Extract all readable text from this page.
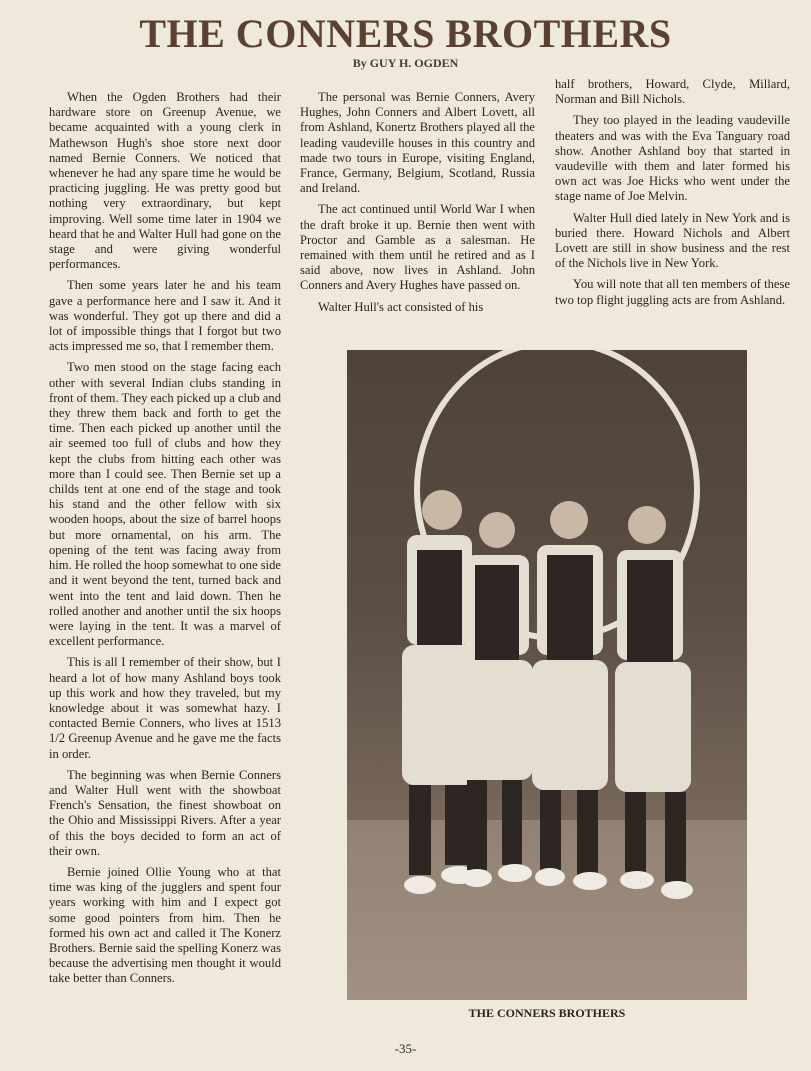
THE CONNERS BROTHERS
By GUY H. OGDEN

When the Ogden Brothers had their hardware store on Greenup Avenue, we became acquainted with a young clerk in Mathewson Hugh's shoe store next door named Bernie Conners. We noticed that whenever he had any spare time he would be practicing juggling. He was pretty good but nothing very extraordinary, but kept improving. Well some time later in 1904 we heard that he and Walter Hull had gone on the stage and were giving wonderful performances.

Then some years later he and his team gave a performance here and I saw it. And it was wonderful. They got up there and did a lot of impossible things that I forgot but two acts impressed me so, that I remember them.

Two men stood on the stage facing each other with several Indian clubs standing in front of them. They each picked up a club and they threw them back and forth to get the time. Then each picked up another until the air seemed too full of clubs and how they kept the clubs from hitting each other was more than I could see. Then Bernie set up a childs tent at one end of the stage and took his stand and the other fellow with six wooden hoops, about the size of barrel hoops but more ornamental, on his arm. The opening of the tent was facing away from him. He rolled the hoop somewhat to one side and it went beyond the tent, turned back and went into the tent and laid down. Then he rolled another and another until the six hoops were laying in the tent. It was a marvel of excellent performance.

This is all I remember of their show, but I heard a lot of how many Ashland boys took up this work and how they traveled, but my knowledge about it was somewhat hazy. I contacted Bernie Conners, who lives at 1513 1/2 Greenup Avenue and he gave me the facts in order.

The beginning was when Bernie Conners and Walter Hull went with the showboat French's Sensation, the finest showboat on the Ohio and Mississippi Rivers. After a year of this the boys decided to form an act of their own.

Bernie joined Ollie Young who at that time was king of the jugglers and spent four years working with him and I expect got some good pointers from him. Then he formed his own act and called it The Konerz Brothers. Bernie said the spelling Konerz was because the advertising men thought it would take better than Conners.

The personal was Bernie Conners, Avery Hughes, John Conners and Albert Lovett, all from Ashland, Konertz Brothers played all the leading vaudeville houses in this country and made two tours in Europe, visiting England, France, Germany, Belgium, Scotland, Russia and Ireland.

The act continued until World War I when the draft broke it up. Bernie then went with Proctor and Gamble as a salesman. He remained with them until he retired and as I said above, now lives in Ashland. John Conners and Avery Hughes have passed on.

Walter Hull's act consisted of his

half brothers, Howard, Clyde, Millard, Norman and Bill Nichols.

They too played in the leading vaudeville theaters and was with the Eva Tanguary road show. Another Ashland boy that started in vaudeville with them and later formed his own act was Joe Hicks who went under the stage name of Joe Melvin.

Walter Hull died lately in New York and is buried there. Howard Nichols and Albert Lovett are still in show business and the rest of the Nichols live in New York.

You will note that all ten members of these two top flight juggling acts are from Ashland.

THE CONNERS BROTHERS
-35-
